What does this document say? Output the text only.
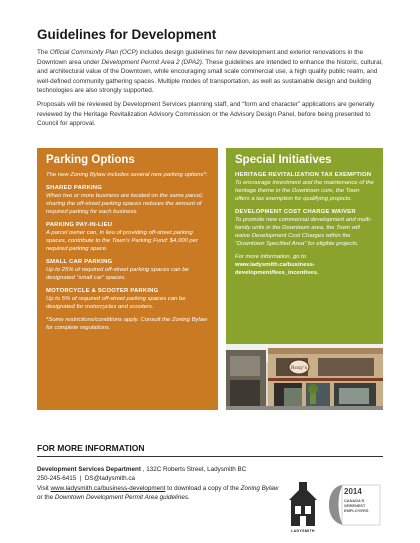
Guidelines for Development

The Official Community Plan (OCP) includes design guidelines for new development and exterior renovations in the Downtown area under Development Permit Area 2 (DPA2). These guidelines are intended to enhance the historic, cultural, and architectural value of the Downtown, while encouraging small scale commercial use, a high quality public realm, and well-defined community gathering spaces. Multiple modes of transportation, as well as sustainable design and building technologies are also strongly supported.

Proposals will be reviewed by Development Services planning staff, and “form and character” applications are generally reviewed by the Heritage Revitalization Advisory Commission or the Advisory Design Panel, before being presented to Council for approval.

Parking Options
The new Zoning Bylaw includes several new parking options*:
SHARED PARKING
When two or more business are located on the same parcel, sharing the off-street parking spaces reduces the amount of required parking for each business.
PARKING PAY-IN-LIEU
A parcel owner can, in lieu of providing off-street parking spaces, contribute to the Town’s Parking Fund: $4,000 per required parking space.
SMALL CAR PARKING
Up to 25% of required off-street parking spaces can be designated “small car” spaces.
MOTORCYCLE & SCOOTER PARKING
Up to 5% of required off-street parking spaces can be designated for motorcycles and scooters.
*Some restrictions/conditions apply. Consult the Zoning Bylaw for complete regulations.
Special Initiatives
HERITAGE REVITALIZATION TAX EXEMPTION
To encourage investment and the maintenance of the heritage theme in the Downtown core, the Town offers a tax exemption for qualifying projects.
DEVELOPMENT COST CHARGE WAIVER
To promote new commercial development and multi-family units in the Downtown area, the Town will waive Development Cost Charges within the “Downtown Specified Area” for eligible projects.
For more information, go to
www.ladysmith.ca/business-development/fees_incentives.
Roxy's
FOR MORE INFORMATION
Development Services Department , 132C Roberts Street, Ladysmith BC
250-245-6415 | DS@ladysmith.ca
Visit www.ladysmith.ca/business-development to download a copy of the Zoning Bylaw or the Downtown Development Permit Area guidelines.
LADYSMITH
2014
CANADA'S
GREENEST
EMPLOYERS
